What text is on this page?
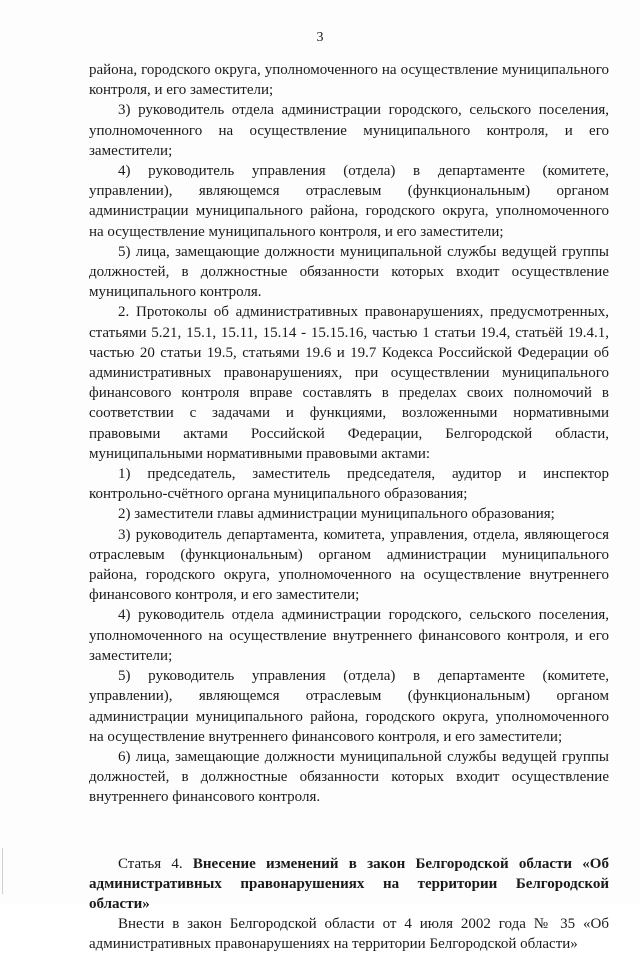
3

района, городского округа, уполномоченного на осуществление муниципального контроля, и его заместители;

3) руководитель отдела администрации городского, сельского поселения, уполномоченного на осуществление муниципального контроля, и его заместители;

4) руководитель управления (отдела) в департаменте (комитете, управлении), являющемся отраслевым (функциональным) органом администрации муниципального района, городского округа, уполномоченного на осуществление муниципального контроля, и его заместители;

5) лица, замещающие должности муниципальной службы ведущей группы должностей, в должностные обязанности которых входит осуществление муниципального контроля.

2. Протоколы об административных правонарушениях, предусмотренных, статьями 5.21, 15.1, 15.11, 15.14 - 15.15.16, частью 1 статьи 19.4, статьёй 19.4.1, частью 20 статьи 19.5, статьями 19.6 и 19.7 Кодекса Российской Федерации об административных правонарушениях, при осуществлении муниципального финансового контроля вправе составлять в пределах своих полномочий в соответствии с задачами и функциями, возложенными нормативными правовыми актами Российской Федерации, Белгородской области, муниципальными нормативными правовыми актами:

1) председатель, заместитель председателя, аудитор и инспектор контрольно-счётного органа муниципального образования;

2) заместители главы администрации муниципального образования;

3) руководитель департамента, комитета, управления, отдела, являющегося отраслевым (функциональным) органом администрации муниципального района, городского округа, уполномоченного на осуществление внутреннего финансового контроля, и его заместители;

4) руководитель отдела администрации городского, сельского поселения, уполномоченного на осуществление внутреннего финансового контроля, и его заместители;

5) руководитель управления (отдела) в департаменте (комитете, управлении), являющемся отраслевым (функциональным) органом администрации муниципального района, городского округа, уполномоченного на осуществление внутреннего финансового контроля, и его заместители;

6) лица, замещающие должности муниципальной службы ведущей группы должностей, в должностные обязанности которых входит осуществление внутреннего финансового контроля.

Статья 4. Внесение изменений в закон Белгородской области «Об административных правонарушениях на территории Белгородской области»

Внести в закон Белгородской области от 4 июля 2002 года № 35 «Об административных правонарушениях на территории Белгородской области»
